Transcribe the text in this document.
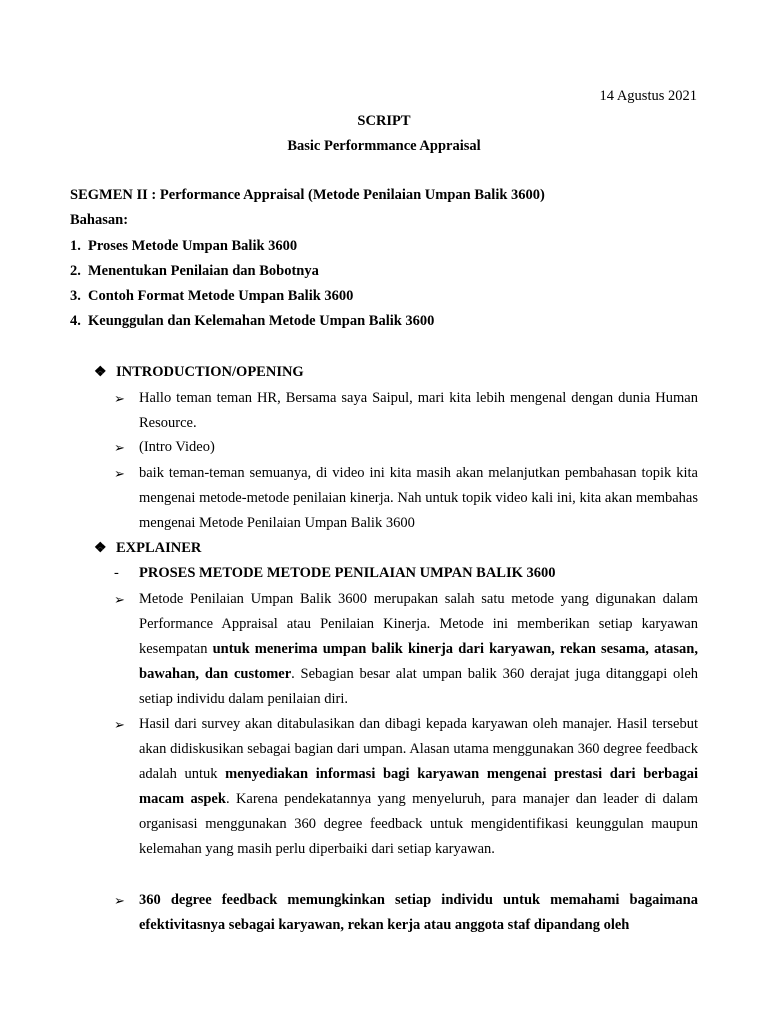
14 Agustus 2021
SCRIPT
Basic Performmance Appraisal
SEGMEN II : Performance Appraisal (Metode Penilaian Umpan Balik 3600)
Bahasan:
1. Proses Metode Umpan Balik 3600
2. Menentukan Penilaian dan Bobotnya
3. Contoh Format Metode Umpan Balik 3600
4. Keunggulan dan Kelemahan Metode Umpan Balik 3600
❖ INTRODUCTION/OPENING
➢ Hallo teman teman HR, Bersama saya Saipul, mari kita lebih mengenal dengan dunia Human Resource.
➢ (Intro Video)
➢ baik teman-teman semuanya, di video ini kita masih akan melanjutkan pembahasan topik kita mengenai metode-metode penilaian kinerja. Nah untuk topik video kali ini, kita akan membahas mengenai Metode Penilaian Umpan Balik 3600
❖ EXPLAINER
- PROSES METODE METODE PENILAIAN UMPAN BALIK 3600
➢ Metode Penilaian Umpan Balik 3600 merupakan salah satu metode yang digunakan dalam Performance Appraisal atau Penilaian Kinerja. Metode ini memberikan setiap karyawan kesempatan untuk menerima umpan balik kinerja dari karyawan, rekan sesama, atasan, bawahan, dan customer. Sebagian besar alat umpan balik 360 derajat juga ditanggapi oleh setiap individu dalam penilaian diri.
➢ Hasil dari survey akan ditabulasikan dan dibagi kepada karyawan oleh manajer. Hasil tersebut akan didiskusikan sebagai bagian dari umpan. Alasan utama menggunakan 360 degree feedback adalah untuk menyediakan informasi bagi karyawan mengenai prestasi dari berbagai macam aspek. Karena pendekatannya yang menyeluruh, para manajer dan leader di dalam organisasi menggunakan 360 degree feedback untuk mengidentifikasi keunggulan maupun kelemahan yang masih perlu diperbaiki dari setiap karyawan.
➢ 360 degree feedback memungkinkan setiap individu untuk memahami bagaimana efektivitasnya sebagai karyawan, rekan kerja atau anggota staf dipandang oleh
